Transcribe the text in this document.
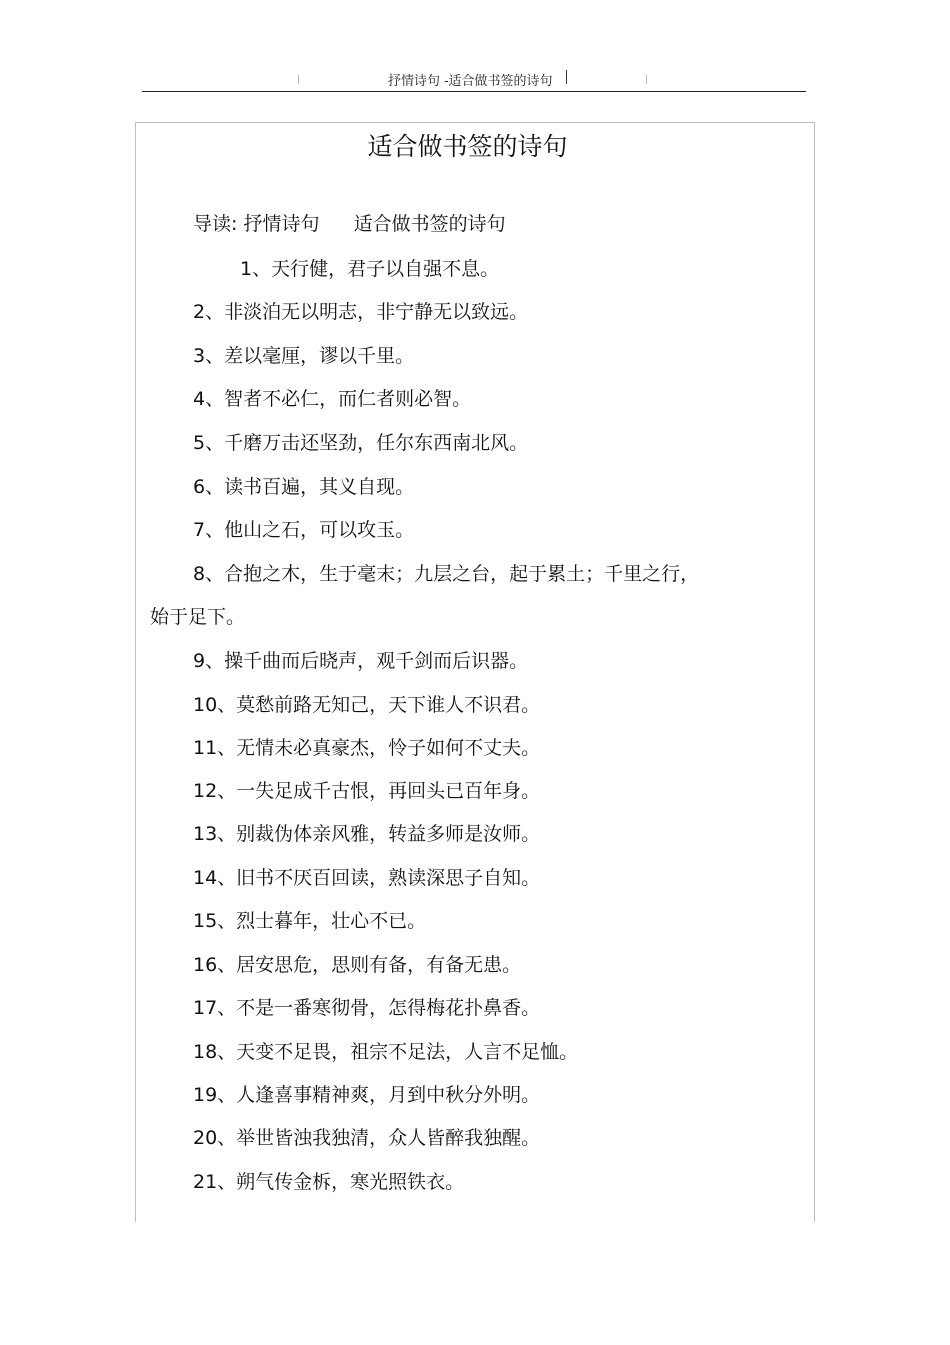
抒情诗句 -适合做书签的诗句
适合做书签的诗句
导读: 抒情诗句 适合做书签的诗句
1、天行健，君子以自强不息。
2、非淡泊无以明志，非宁静无以致远。
3、差以毫厘，谬以千里。
4、智者不必仁，而仁者则必智。
5、千磨万击还坚劲，任尔东西南北风。
6、读书百遍，其义自现。
7、他山之石，可以攻玉。
8、合抱之木，生于毫末；九层之台，起于累土；千里之行，
始于足下。
9、操千曲而后晓声，观千剑而后识器。
10、莫愁前路无知己，天下谁人不识君。
11、无情未必真豪杰，怜子如何不丈夫。
12、一失足成千古恨，再回头已百年身。
13、别裁伪体亲风雅，转益多师是汝师。
14、旧书不厌百回读，熟读深思子自知。
15、烈士暮年，壮心不已。
16、居安思危，思则有备，有备无患。
17、不是一番寒彻骨，怎得梅花扑鼻香。
18、天变不足畏，祖宗不足法，人言不足恤。
19、人逢喜事精神爽，月到中秋分外明。
20、举世皆浊我独清，众人皆醉我独醒。
21、朔气传金柝，寒光照铁衣。
